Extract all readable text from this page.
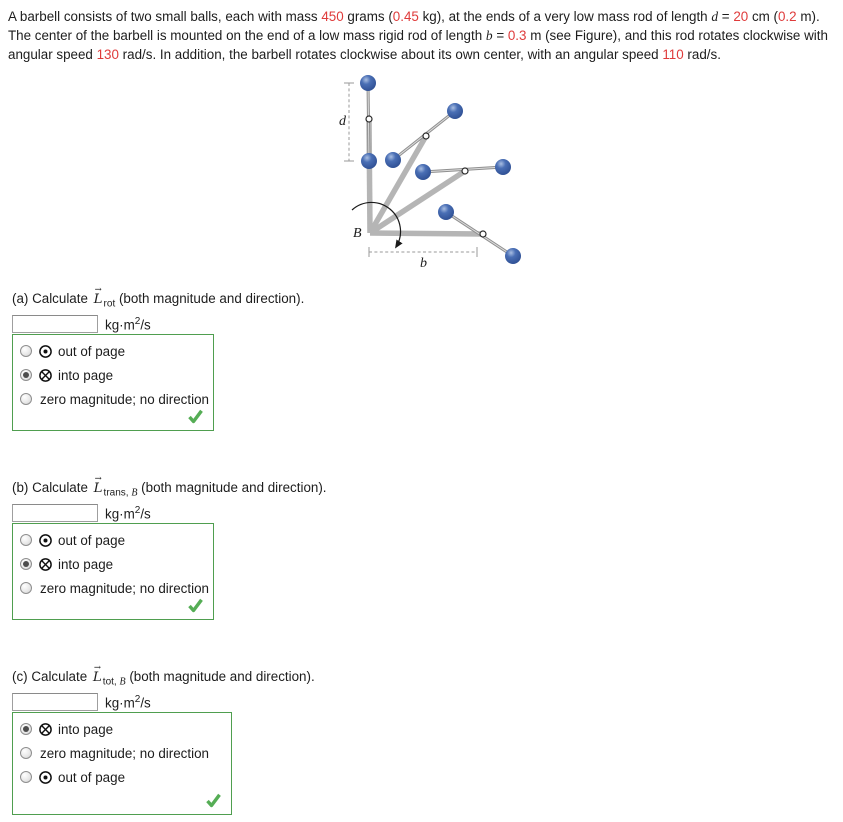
A barbell consists of two small balls, each with mass 450 grams (0.45 kg), at the ends of a very low mass rod of length d = 20 cm (0.2 m).
The center of the barbell is mounted on the end of a low mass rigid rod of length b = 0.3 m (see Figure), and this rod rotates clockwise with
angular speed 130 rad/s. In addition, the barbell rotates clockwise about its own center, with an angular speed 110 rad/s.
d
B
b
(a) Calculate $L \to_{rot}$ (both magnitude and direction).
$kg\cdot m^2/s$
out of page
into page
zero magnitude; no direction
(b) Calculate $L \to_{trans,}$ $_B$ (both magnitude and direction).
$kg\cdot m^2/s$
out of page
into page
zero magnitude; no direction
(c) Calculate $L \to_{tot,}$ $_B$ (both magnitude and direction).
$kg\cdot m^2/s$
into page
zero magnitude; no direction
out of page
